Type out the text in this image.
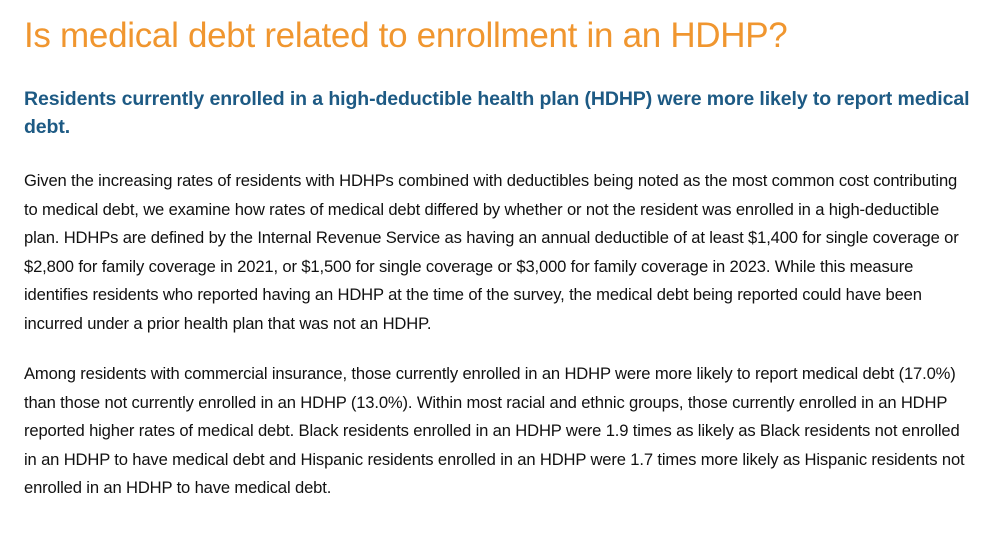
Is medical debt related to enrollment in an HDHP?
Residents currently enrolled in a high-deductible health plan (HDHP) were more likely to report medical debt.

Given the increasing rates of residents with HDHPs combined with deductibles being noted as the most common cost contributing to medical debt, we examine how rates of medical debt differed by whether or not the resident was enrolled in a high-deductible plan. HDHPs are defined by the Internal Revenue Service as having an annual deductible of at least $1,400 for single coverage or $2,800 for family coverage in 2021, or $1,500 for single coverage or $3,000 for family coverage in 2023. While this measure identifies residents who reported having an HDHP at the time of the survey, the medical debt being reported could have been incurred under a prior health plan that was not an HDHP.

Among residents with commercial insurance, those currently enrolled in an HDHP were more likely to report medical debt (17.0%) than those not currently enrolled in an HDHP (13.0%). Within most racial and ethnic groups, those currently enrolled in an HDHP reported higher rates of medical debt. Black residents enrolled in an HDHP were 1.9 times as likely as Black residents not enrolled in an HDHP to have medical debt and Hispanic residents enrolled in an HDHP were 1.7 times more likely as Hispanic residents not enrolled in an HDHP to have medical debt.
